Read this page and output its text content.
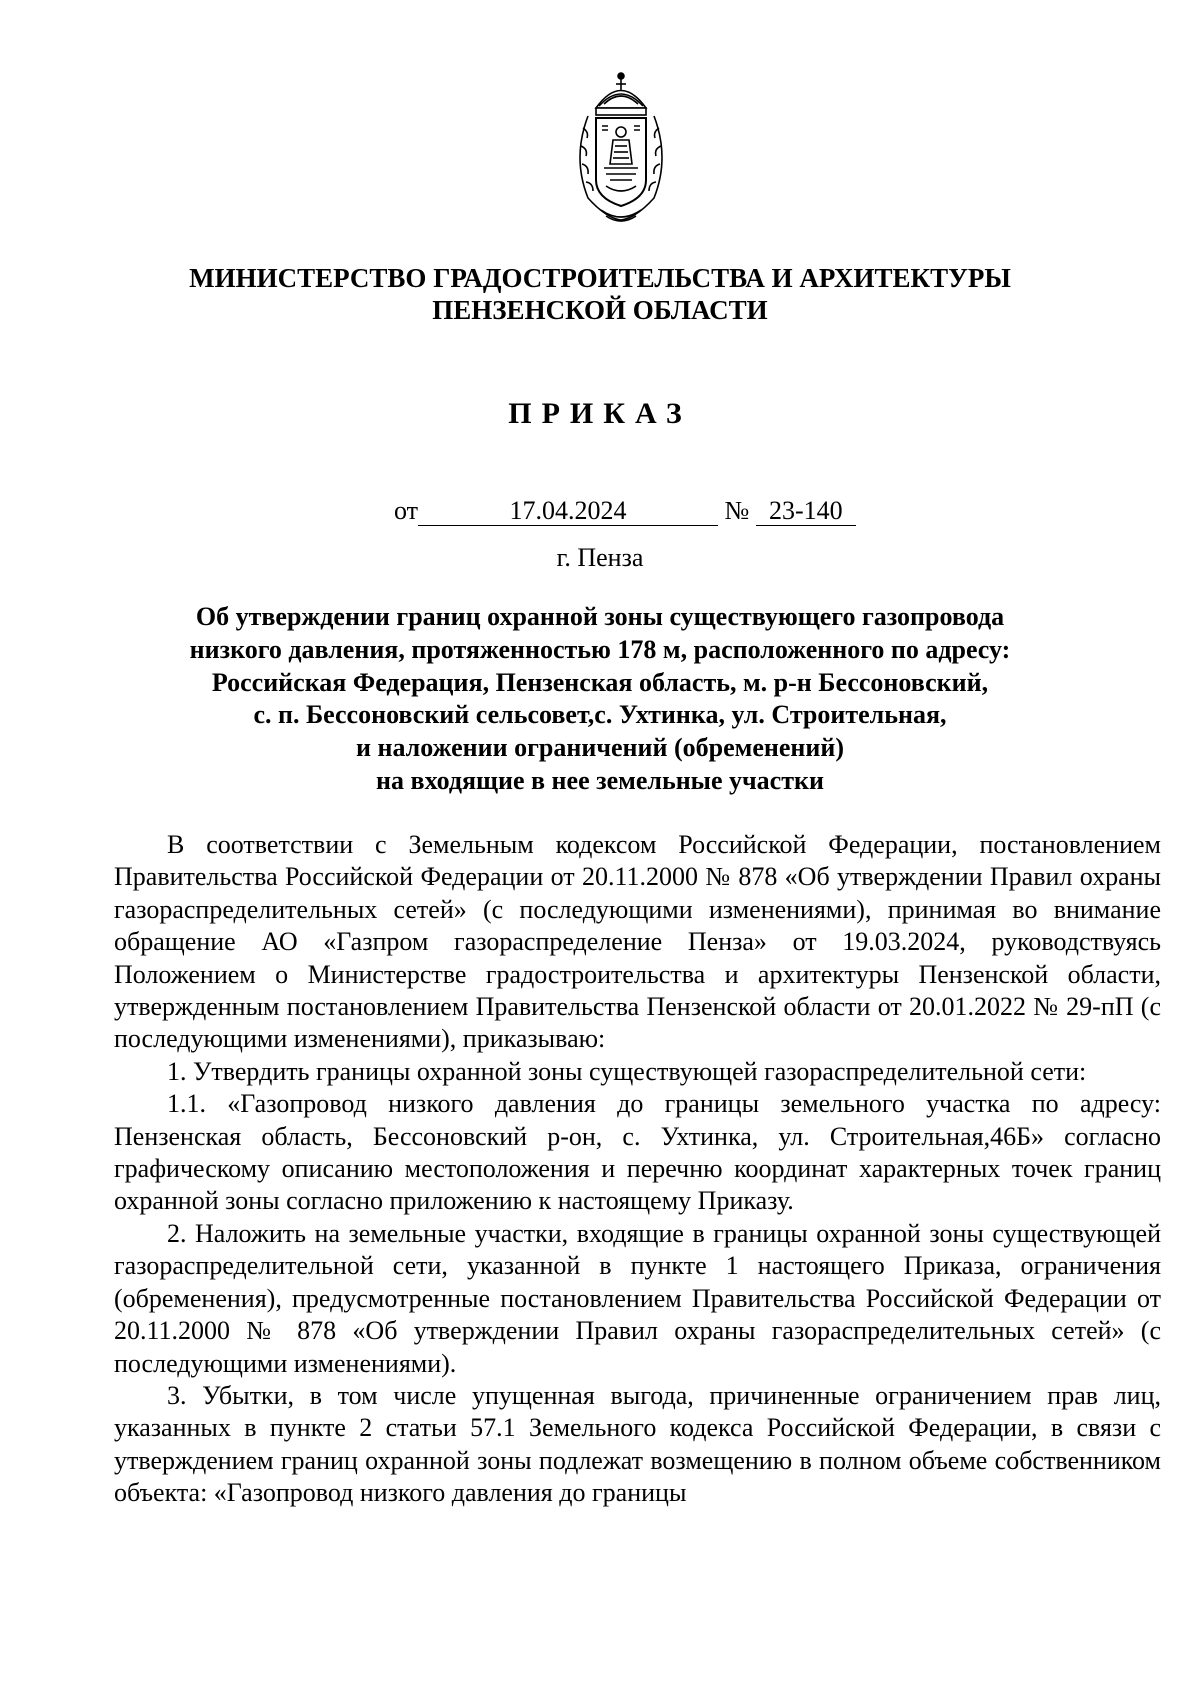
МИНИСТЕРСТВО ГРАДОСТРОИТЕЛЬСТВА И АРХИТЕКТУРЫ
ПЕНЗЕНСКОЙ ОБЛАСТИ
ПРИКАЗ
от	17.04.2024	№ 23-140
г. Пенза
Об утверждении границ охранной зоны существующего газопровода
низкого давления, протяженностью 178 м, расположенного по адресу:
Российская Федерация, Пензенская область, м. р-н Бессоновский,
с. п. Бессоновский сельсовет,с. Ухтинка, ул. Строительная,
и наложении ограничений (обременений)
на входящие в нее земельные участки

В соответствии с Земельным кодексом Российской Федерации, постановлением Правительства Российской Федерации от 20.11.2000 № 878 «Об утверждении Правил охраны газораспределительных сетей» (с последующими изменениями), принимая во внимание обращение АО «Газпром газораспределение Пенза» от 19.03.2024, руководствуясь Положением о Министерстве градостроительства и архитектуры Пензенской области, утвержденным постановлением Правительства Пензенской области от 20.01.2022 № 29-пП (с последующими изменениями), приказываю:

1. Утвердить границы охранной зоны существующей газораспределительной сети:

1.1. «Газопровод низкого давления до границы земельного участка по адресу: Пензенская область, Бессоновский р-он, с. Ухтинка, ул. Строительная,46Б» согласно графическому описанию местоположения и перечню координат характерных точек границ охранной зоны согласно приложению к настоящему Приказу.

2. Наложить на земельные участки, входящие в границы охранной зоны существующей газораспределительной сети, указанной в пункте 1 настоящего Приказа, ограничения (обременения), предусмотренные постановлением Правительства Российской Федерации от 20.11.2000 № 878 «Об утверждении Правил охраны газораспределительных сетей» (с последующими изменениями).

3. Убытки, в том числе упущенная выгода, причиненные ограничением прав лиц, указанных в пункте 2 статьи 57.1 Земельного кодекса Российской Федерации, в связи с утверждением границ охранной зоны подлежат возмещению в полном объеме собственником объекта: «Газопровод низкого давления до границы
